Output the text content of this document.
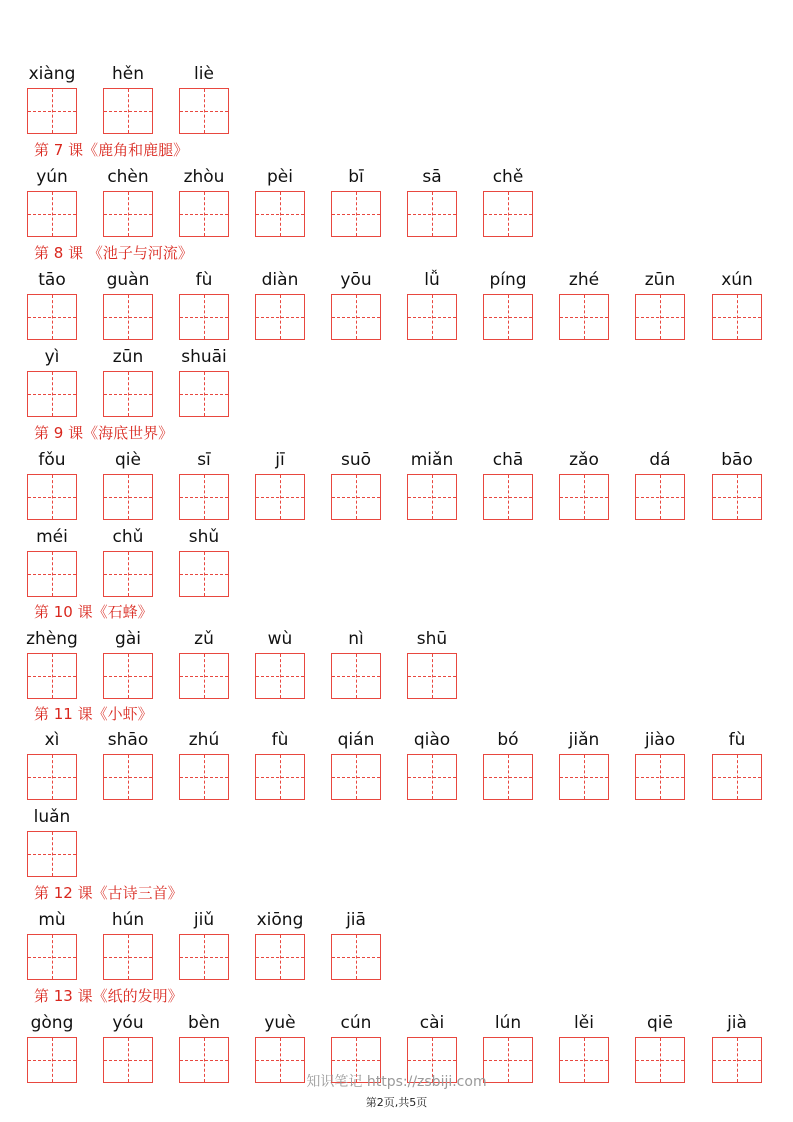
xiàng	hěn	liè
第 7 课《鹿角和鹿腿》
yún	chèn	zhòu	pèi	bī	sā	chě
第 8 课 《池子与河流》
tāo	guàn	fù	diàn	yōu	lǚ	píng	zhé	zūn	xún
yì	zūn	shuāi
第 9 课《海底世界》
fǒu	qiè	sī	jī	suō	miǎn	chā	zǎo	dá	bāo
méi	chǔ	shǔ
第 10 课《石蜂》
zhèng	gài	zǔ	wù	nì	shū
第 11 课《小虾》
xì	shāo	zhú	fù	qián	qiào	bó	jiǎn	jiào	fù
luǎn
第 12 课《古诗三首》
mù	hún	jiǔ	xiōng	jiā
第 13 课《纸的发明》
gòng	yóu	bèn	yuè	cún	cài	lún	lěi	qiē	jià
知识笔记 https://zsbiji.com
第2页,共5页
